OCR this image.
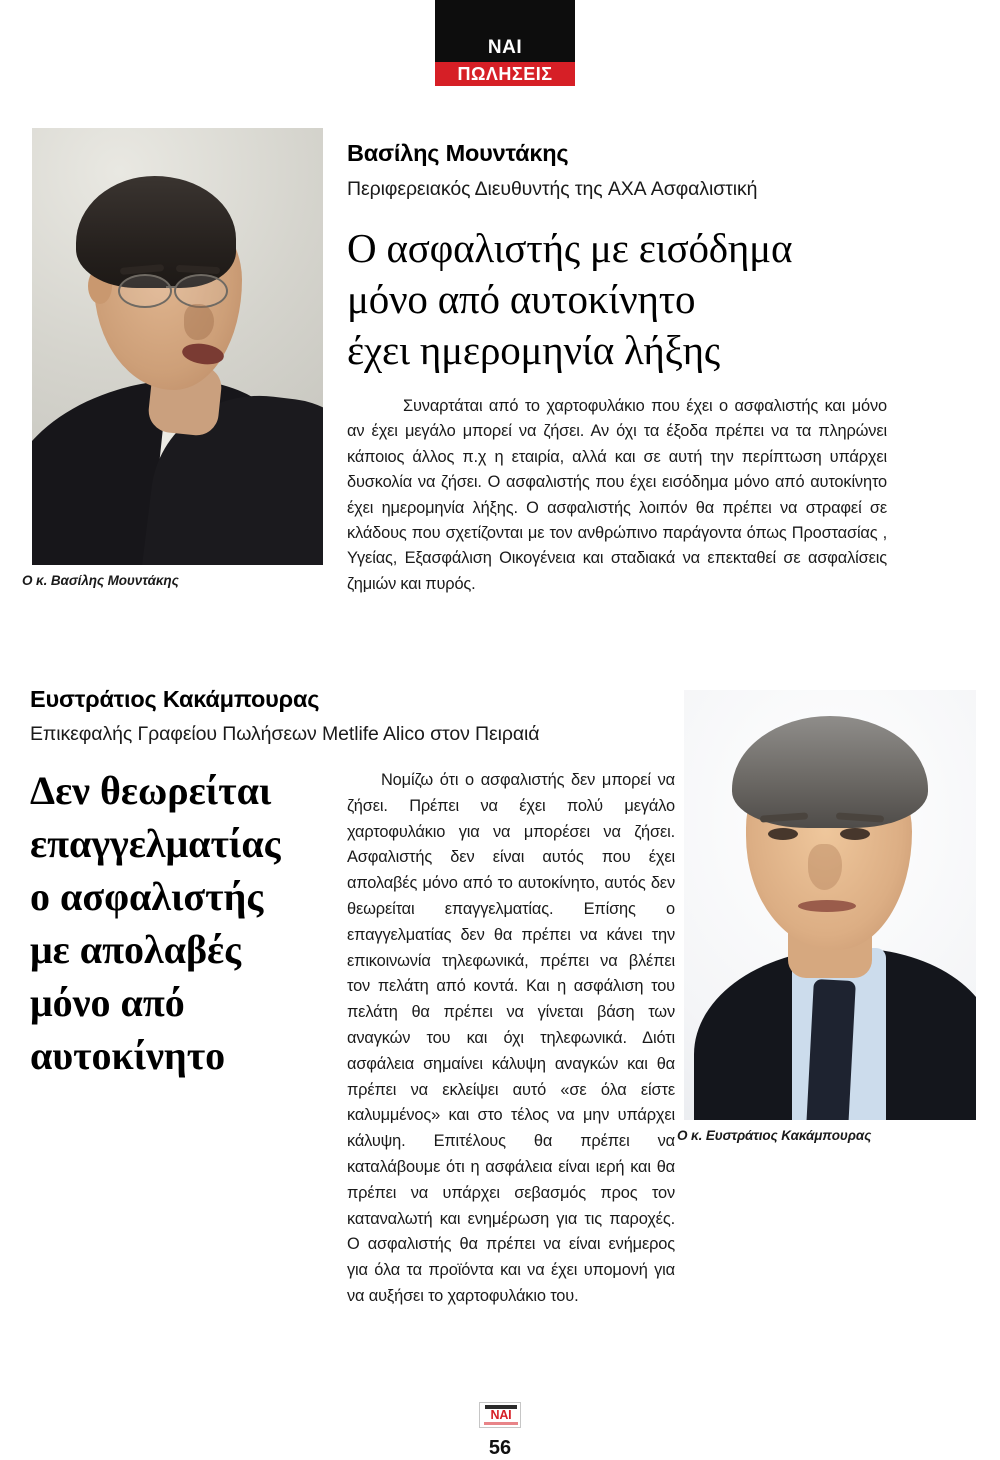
ΝΑΙ
ΠΩΛΗΣΕΙΣ
Ο κ. Βασίλης Μουντάκης
Βασίλης Μουντάκης

Περιφερειακός Διευθυντής της AXA Ασφαλιστική

Ο ασφαλιστής με εισόδημα
μόνο από αυτοκίνητο
έχει ημερομηνία λήξης

Συναρτάται από το χαρτοφυλάκιο που έχει ο ασφαλιστής και μόνο αν έχει μεγάλο μπορεί να ζήσει. Αν όχι τα έξοδα πρέπει να τα πληρώνει κάποιος άλλος π.χ η εταιρία, αλλά και σε αυτή την περίπτωση υπάρχει δυσκολία να ζήσει. Ο ασφαλιστής που έχει εισόδημα μόνο από αυτοκίνητο έχει ημερομηνία λήξης. Ο ασφαλιστής λοιπόν θα πρέπει να στραφεί σε κλάδους που σχετίζονται με τον ανθρώπινο παράγοντα όπως Προστασίας , Υγείας, Εξασφάλιση Οικογένεια και σταδιακά να επεκταθεί σε ασφαλίσεις ζημιών και πυρός.

Ευστράτιος Κακάμπουρας

Επικεφαλής Γραφείου Πωλήσεων Metlife Alico στον Πειραιά

Δεν θεωρείται
επαγγελματίας
ο ασφαλιστής
με απολαβές
μόνο από
αυτοκίνητο

Νομίζω ότι ο ασφαλιστής δεν μπορεί να ζήσει. Πρέπει να έχει πολύ μεγάλο χαρτοφυλάκιο για να μπορέσει να ζήσει. Ασφαλιστής δεν είναι αυτός που έχει απολαβές μόνο από το αυτοκίνητο, αυτός δεν θεωρείται επαγγελματίας. Επίσης ο επαγγελματίας δεν θα πρέπει να κάνει την επικοινωνία τηλεφωνικά, πρέπει να βλέπει τον πελάτη από κοντά. Και η ασφάλιση του πελάτη θα πρέπει να γίνεται βάση των αναγκών του και όχι τηλεφωνικά. Διότι ασφάλεια σημαίνει κάλυψη αναγκών και θα πρέπει να εκλείψει αυτό «σε όλα είστε καλυμμένος» και στο τέλος να μην υπάρχει κάλυψη. Επιτέλους θα πρέπει να καταλάβουμε ότι η ασφάλεια είναι ιερή και θα πρέπει να υπάρχει σεβασμός προς τον καταναλωτή και ενημέρωση για τις παροχές. Ο ασφαλιστής θα πρέπει να είναι ενήμερος για όλα τα προϊόντα και να έχει υπομονή για να αυξήσει το χαρτοφυλάκιο του.

Ο κ. Ευστράτιος Κακάμπουρας
NAI
56
